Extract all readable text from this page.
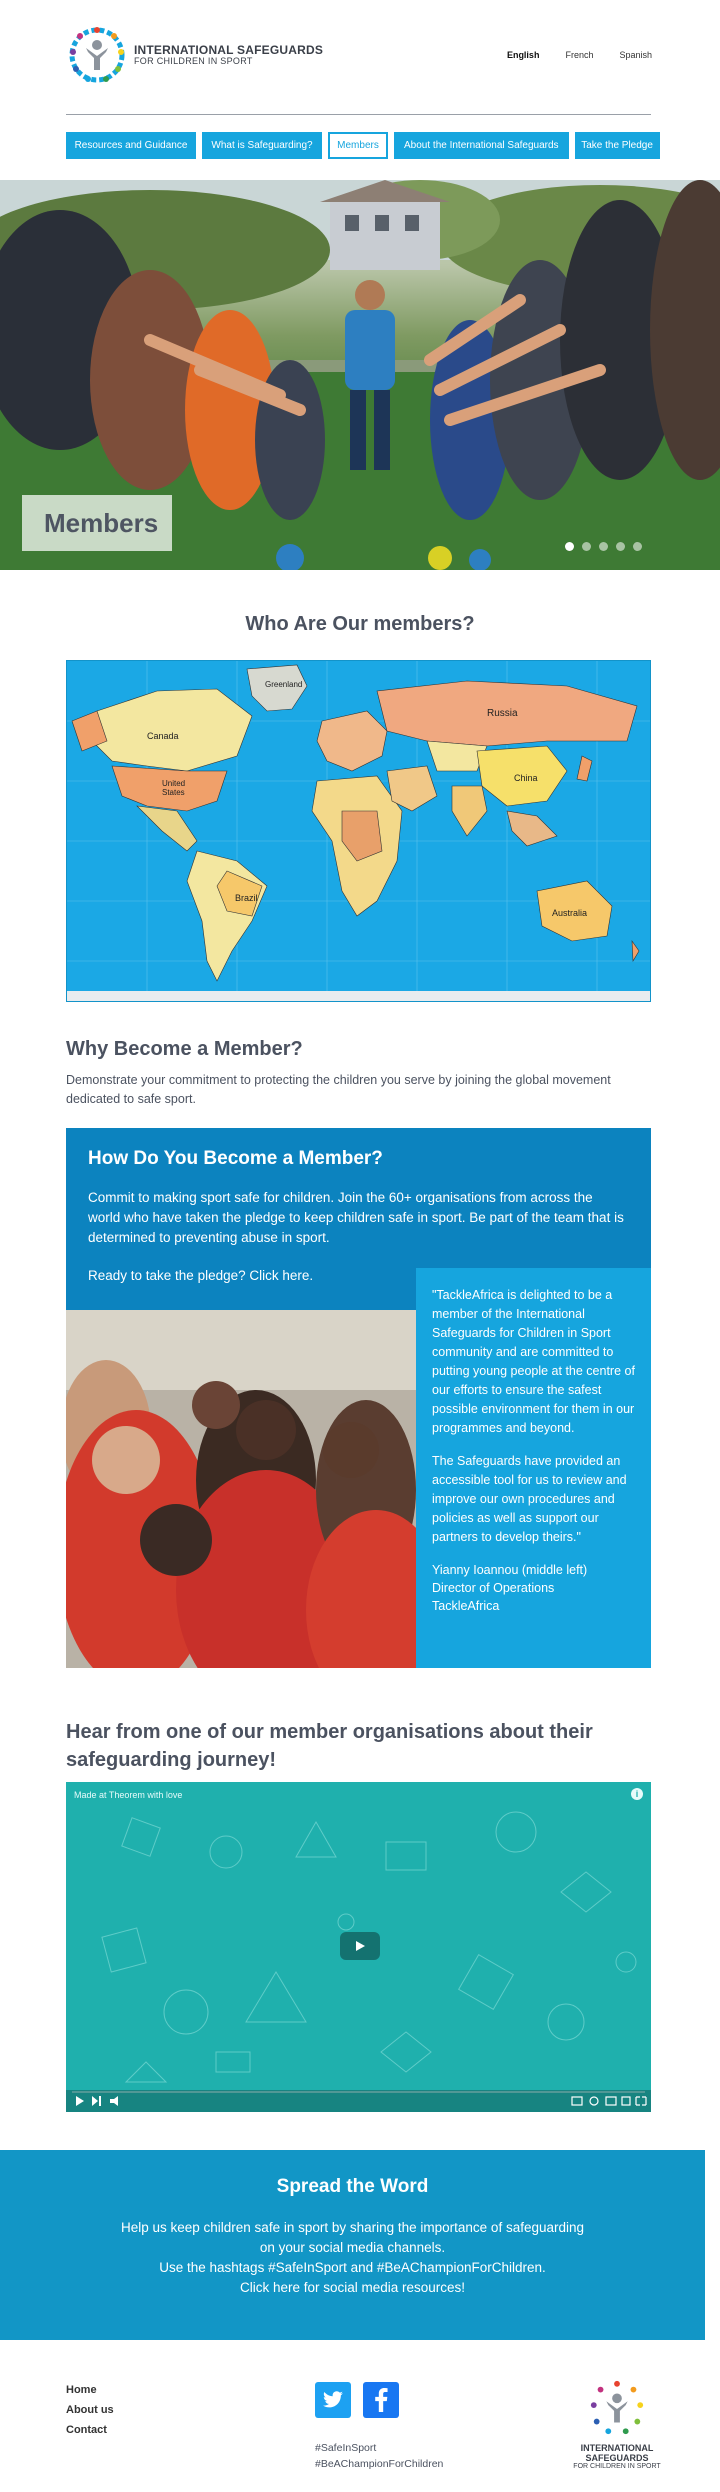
INTERNATIONAL SAFEGUARDS
FOR CHILDREN IN SPORT
English	French	Spanish
Resources and Guidance	What is Safeguarding?	Members	About the International Safeguards	Take the Pledge
Members
Who Are Our members?
Greenland
Canada
United
States
Brazil
Russia
China
Australia
Why Become a Member?
Demonstrate your commitment to protecting the children you serve by joining the global movement dedicated to safe sport.
How Do You Become a Member?
Commit to making sport safe for children. Join the 60+ organisations from across the world who have taken the pledge to keep children safe in sport. Be part of the team that is determined to preventing abuse in sport.
Ready to take the pledge? Click here.

"TackleAfrica is delighted to be a member of the International Safeguards for Children in Sport community and are committed to putting young people at the centre of our efforts to ensure the safest possible environment for them in our programmes and beyond.

The Safeguards have provided an accessible tool for us to review and improve our own procedures and policies as well as support our partners to develop theirs."

Yianny Ioannou (middle left)
Director of Operations
TackleAfrica
Hear from one of our member organisations about their safeguarding journey!
Made at Theorem with love	i
Spread the Word
Help us keep children safe in sport by sharing the importance of safeguarding
on your social media channels.
Use the hashtags #SafeInSport and #BeAChampionForChildren.
Click here for social media resources!
Home
About us
Contact
#SafeInSport
#BeAChampionForChildren
INTERNATIONAL
SAFEGUARDS
FOR CHILDREN IN SPORT
